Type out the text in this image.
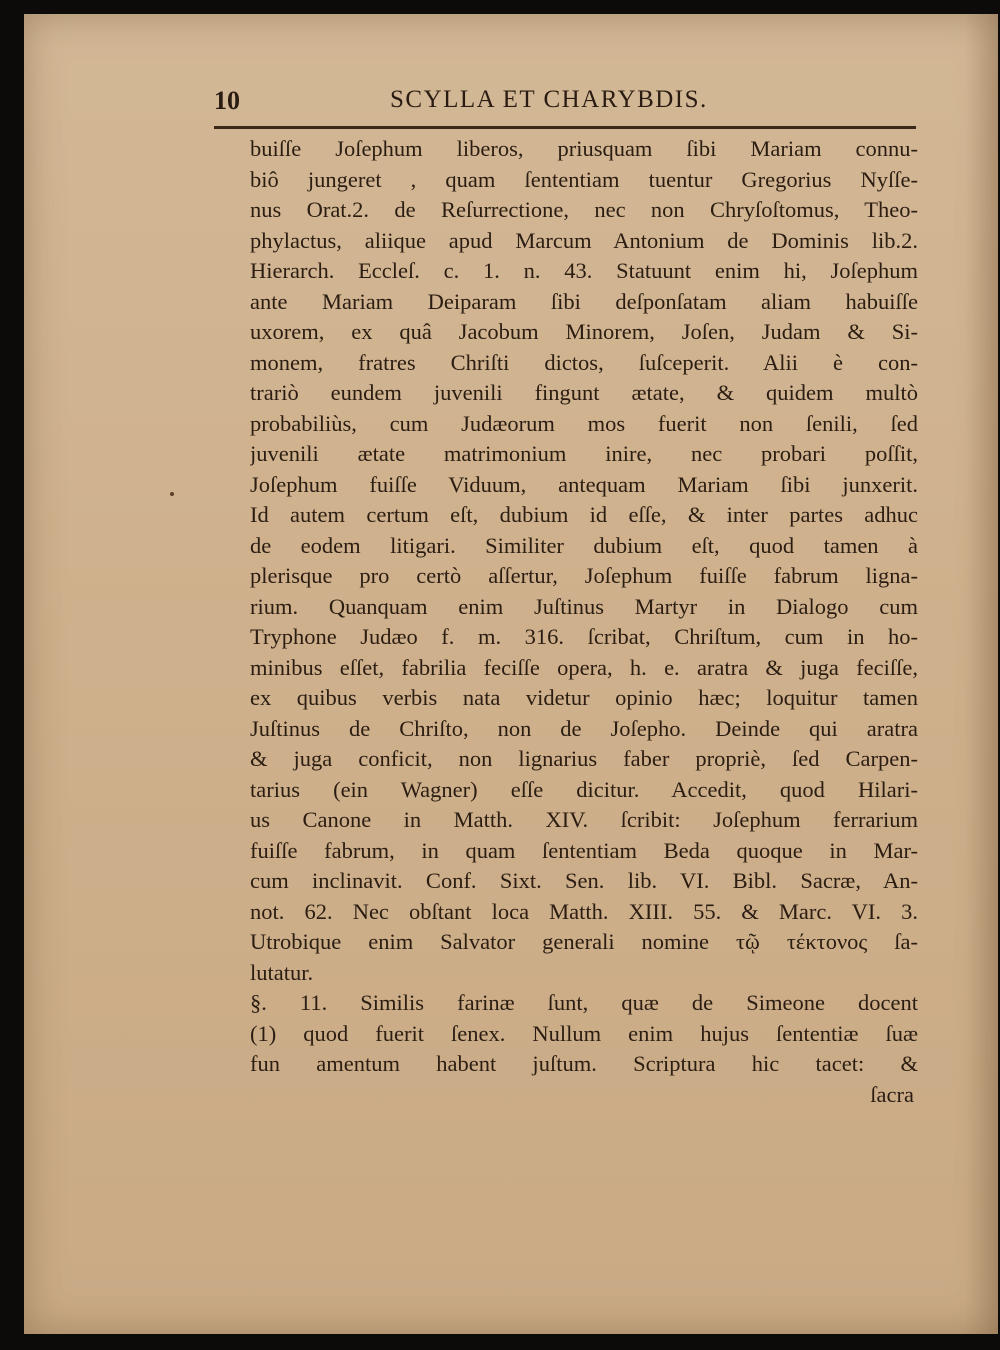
10	SCYLLA ET CHARYBDIS.
buiſſe Joſephum liberos, priusquam ſibi Mariam connu-
biô jungeret , quam ſententiam tuentur Gregorius Nyſſe-
nus Orat.2. de Reſurrectione, nec non Chryſoſtomus, Theo-
phylactus, aliique apud Marcum Antonium de Dominis lib.2.
Hierarch. Eccleſ. c. 1. n. 43. Statuunt enim hi, Joſephum
ante Mariam Deiparam ſibi deſponſatam aliam habuiſſe
uxorem, ex quâ Jacobum Minorem, Joſen, Judam & Si-
monem, fratres Chriſti dictos, ſuſceperit. Alii è con-
trariò eundem juvenili fingunt ætate, & quidem multò
probabiliùs, cum Judæorum mos fuerit non ſenili, ſed
juvenili ætate matrimonium inire, nec probari poſſit,
Joſephum fuiſſe Viduum, antequam Mariam ſibi junxerit.
Id autem certum eſt, dubium id eſſe, & inter partes adhuc
de eodem litigari. Similiter dubium eſt, quod tamen à
plerisque pro certò aſſertur, Joſephum fuiſſe fabrum ligna-
rium. Quanquam enim Juſtinus Martyr in Dialogo cum
Tryphone Judæo f. m. 316. ſcribat, Chriſtum, cum in ho-
minibus eſſet, fabrilia feciſſe opera, h. e. aratra & juga feciſſe,
ex quibus verbis nata videtur opinio hæc; loquitur tamen
Juſtinus de Chriſto, non de Joſepho. Deinde qui aratra
& juga conficit, non lignarius faber propriè, ſed Carpen-
tarius (ein Wagner) eſſe dicitur. Accedit, quod Hilari-
us Canone in Matth. XIV. ſcribit: Joſephum ferrarium
fuiſſe fabrum, in quam ſententiam Beda quoque in Mar-
cum inclinavit. Conf. Sixt. Sen. lib. VI. Bibl. Sacræ, An-
not. 62. Nec obſtant loca Matth. XIII. 55. & Marc. VI. 3.
Utrobique enim Salvator generali nomine τῷ τέκτονος ſa-
lutatur.
§. 11. Similis farinæ ſunt, quæ de Simeone docent
(1) quod fuerit ſenex. Nullum enim hujus ſententiæ ſuæ
fun amentum habent juſtum. Scriptura hic tacet: &
ſacra
